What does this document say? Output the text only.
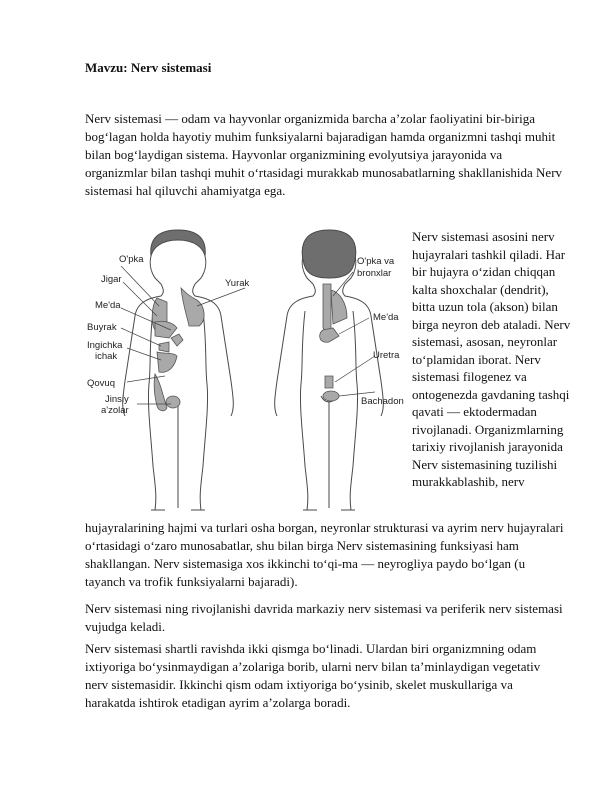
Mavzu: Nerv sistemasi

Nerv sistemasi — odam va hayvonlar organizmida barcha a’zolar faoliyatini bir-biriga bog‘lagan holda hayotiy muhim funksiyalarni bajaradigan hamda organizmni tashqi muhit bilan bog‘laydigan sistema. Hayvonlar organizmining evolyutsiya jarayonida va organizmlar bilan tashqi muhit o‘rtasidagi murakkab munosabatlarning shakllanishida Nerv sistemasi hal qiluvchi ahamiyatga ega.

O'pka
Jigar	Yurak
Me'da
Buyrak
Ingichka
ichak
Qovuq
Jinsiy
a'zolar
O'pka va
bronxlar
Me'da
Uretra
Bachadon

Nerv sistemasi asosini nerv hujayralari tashkil qiladi. Har bir hujayra o‘zidan chiqqan kalta shoxchalar (dendrit), bitta uzun tola (akson) bilan birga neyron deb ataladi. Nerv sistemasi, asosan, neyronlar to‘plamidan iborat. Nerv sistemasi filogenez va ontogenezda gavdaning tashqi qavati — ektodermadan rivojlanadi. Organizmlarning tarixiy rivojlanish jarayonida Nerv sistemasining tuzilishi murakkablashib, nerv

hujayralarining hajmi va turlari osha borgan, neyronlar strukturasi va ayrim nerv hujayralari o‘rtasidagi o‘zaro munosabatlar, shu bilan birga Nerv sistemasining funksiyasi ham shakllangan. Nerv sistemasiga xos ikkinchi to‘qi-ma — neyrogliya paydo bo‘lgan (u tayanch va trofik funksiyalarni bajaradi).

Nerv sistemasi ning rivojlanishi davrida markaziy nerv sistemasi va periferik nerv sistemasi vujudga keladi.

Nerv sistemasi shartli ravishda ikki qismga bo‘linadi. Ulardan biri organizmning odam ixtiyoriga bo‘ysinmaydigan a’zolariga borib, ularni nerv bilan ta’minlaydigan vegetativ nerv sistemasidir. Ikkinchi qism odam ixtiyoriga bo‘ysinib, skelet muskullariga va harakatda ishtirok etadigan ayrim a’zolarga boradi.
